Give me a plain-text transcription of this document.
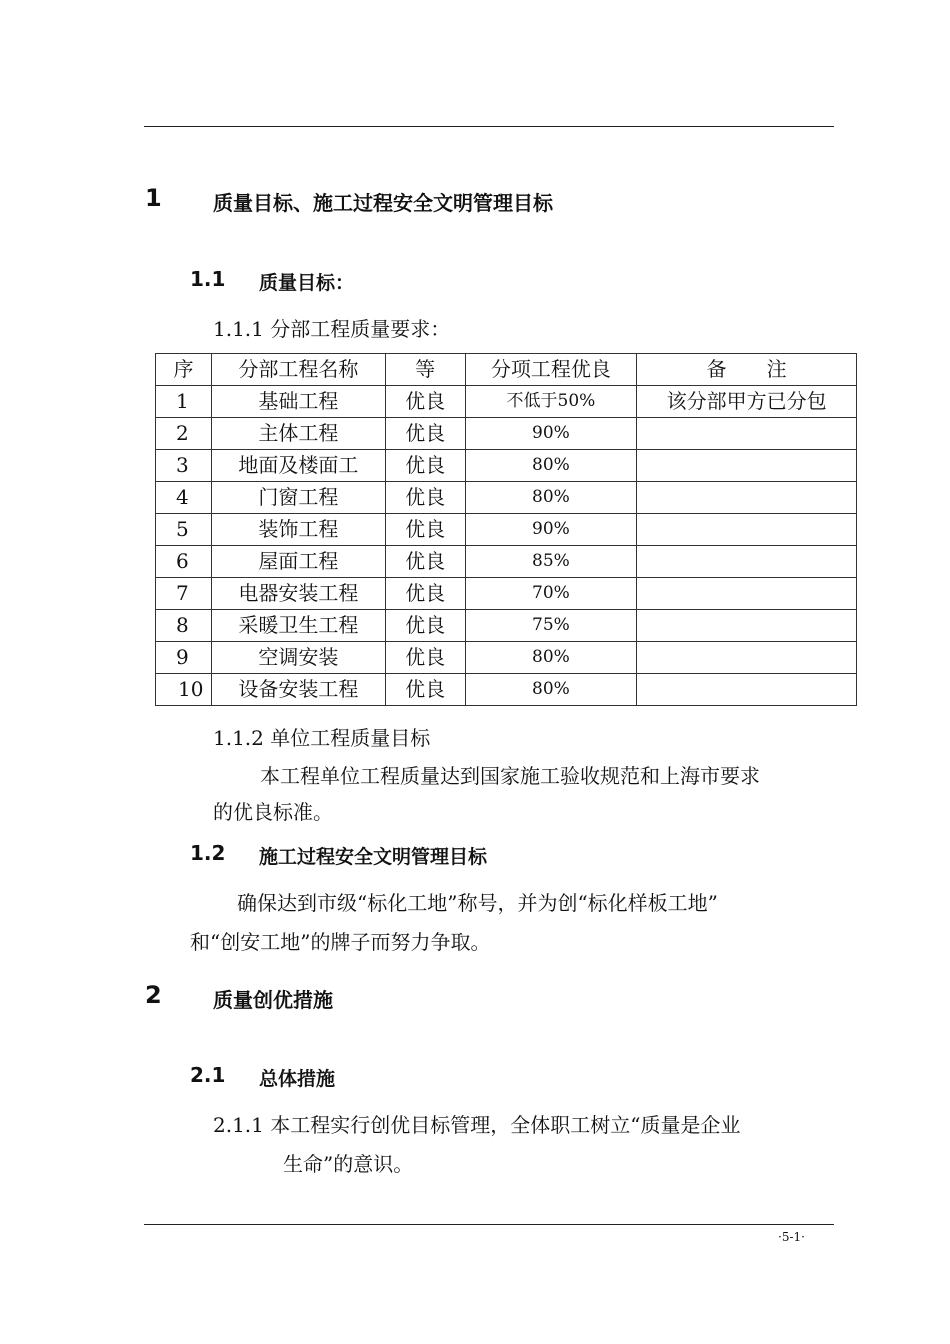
1	质量目标、施工过程安全文明管理目标
1.1 质量目标：
1.1.1 分部工程质量要求：
序	分部工程名称	等	分项工程优良	备　　注
1	基础工程	优良	不低于50%	该分部甲方已分包
2	主体工程	优良	90%	
3	地面及楼面工	优良	80%	
4	门窗工程	优良	80%	
5	装饰工程	优良	90%	
6	屋面工程	优良	85%	
7	电器安装工程	优良	70%	
8	采暖卫生工程	优良	75%	
9	空调安装	优良	80%	
10	设备安装工程	优良	80%	
1.1.2 单位工程质量目标
本工程单位工程质量达到国家施工验收规范和上海市要求
的优良标准。
1.2 施工过程安全文明管理目标
确保达到市级“标化工地”称号，并为创“标化样板工地”
和“创安工地”的牌子而努力争取。
2	质量创优措施
2.1 总体措施
2.1.1 本工程实行创优目标管理，全体职工树立“质量是企业
生命”的意识。
·5-1·
